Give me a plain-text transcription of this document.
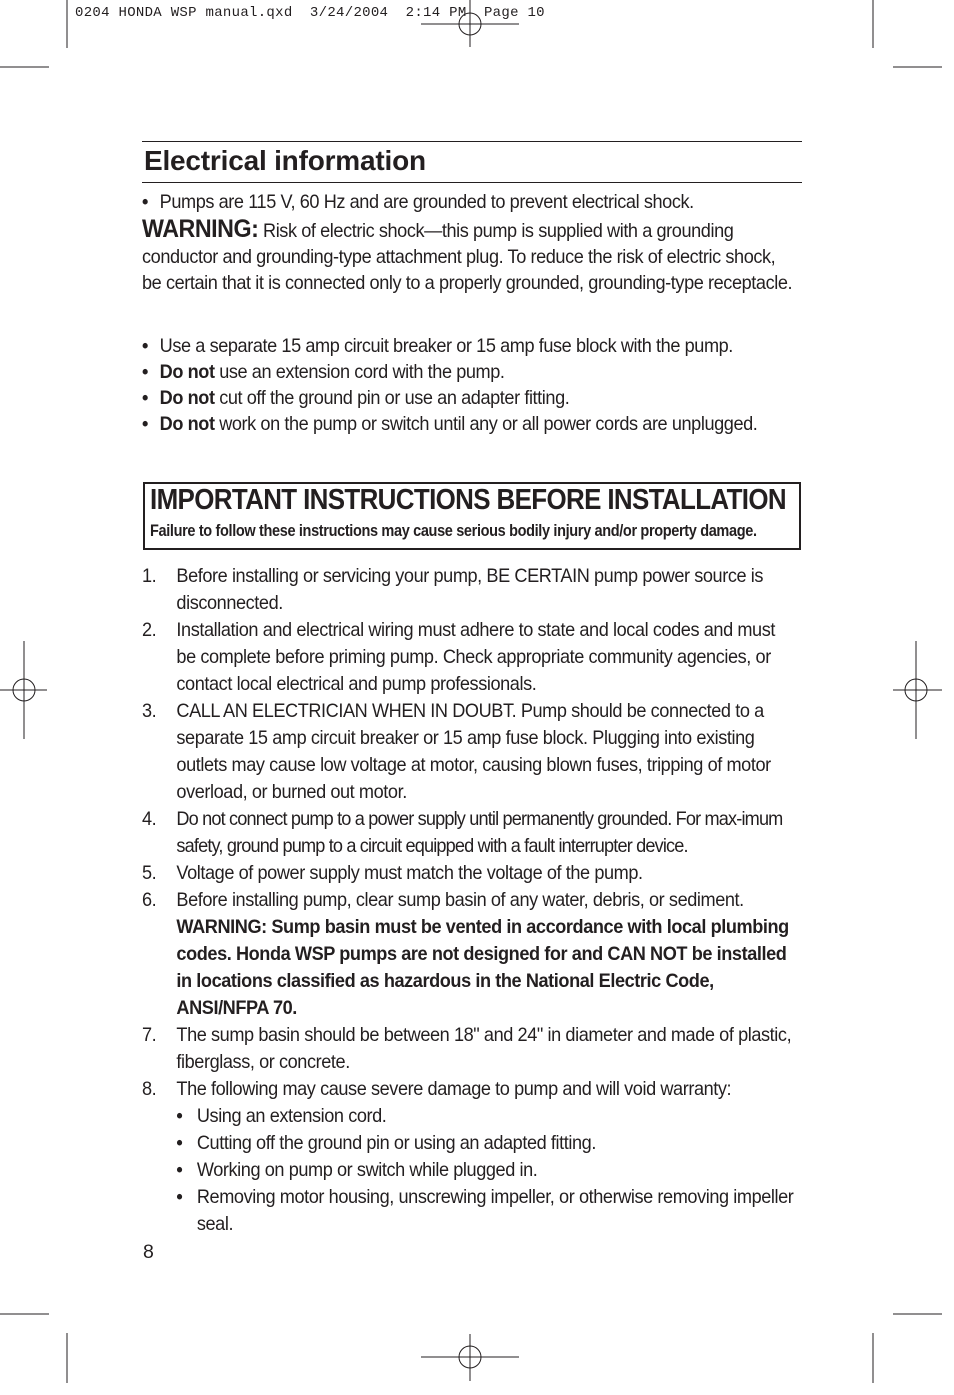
0204 HONDA WSP manual.qxd  3/24/2004  2:14 PM  Page 10
Electrical information
• Pumps are 115 V, 60 Hz and are grounded to prevent electrical shock.
WARNING: Risk of electric shock—this pump is supplied with a grounding conductor and grounding-type attachment plug. To reduce the risk of electric shock, be certain that it is connected only to a properly grounded, grounding-type receptacle.
• Use a separate 15 amp circuit breaker or 15 amp fuse block with the pump.
• Do not use an extension cord with the pump.
• Do not cut off the ground pin or use an adapter fitting.
• Do not work on the pump or switch until any or all power cords are unplugged.
IMPORTANT INSTRUCTIONS BEFORE INSTALLATION

Failure to follow these instructions may cause serious bodily injury and/or property damage.

1.	Before installing or servicing your pump, BE CERTAIN pump power source is disconnected.

2.	Installation and electrical wiring must adhere to state and local codes and must be complete before priming pump. Check appropriate community agencies, or contact local electrical and pump professionals.

3.	CALL AN ELECTRICIAN WHEN IN DOUBT. Pump should be connected to a separate 15 amp circuit breaker or 15 amp fuse block. Plugging into existing outlets may cause low voltage at motor, causing blown fuses, tripping of motor overload, or burned out motor.

4.	Do not connect pump to a power supply until permanently grounded. For max-imum safety, ground pump to a circuit equipped with a fault interrupter device.

5.	Voltage of power supply must match the voltage of the pump.

6.	Before installing pump, clear sump basin of any water, debris, or sediment.

WARNING: Sump basin must be vented in accordance with local plumbing codes. Honda WSP pumps are not designed for and CAN NOT be installed in locations classified as hazardous in the National Electric Code, ANSI/NFPA 70.

7.	The sump basin should be between 18" and 24" in diameter and made of plastic, fiberglass, or concrete.

8.	The following may cause severe damage to pump and will void warranty:

• Using an extension cord.
• Cutting off the ground pin or using an adapted fitting.
• Working on pump or switch while plugged in.
• Removing motor housing, unscrewing impeller, or otherwise removing impeller seal.
8
